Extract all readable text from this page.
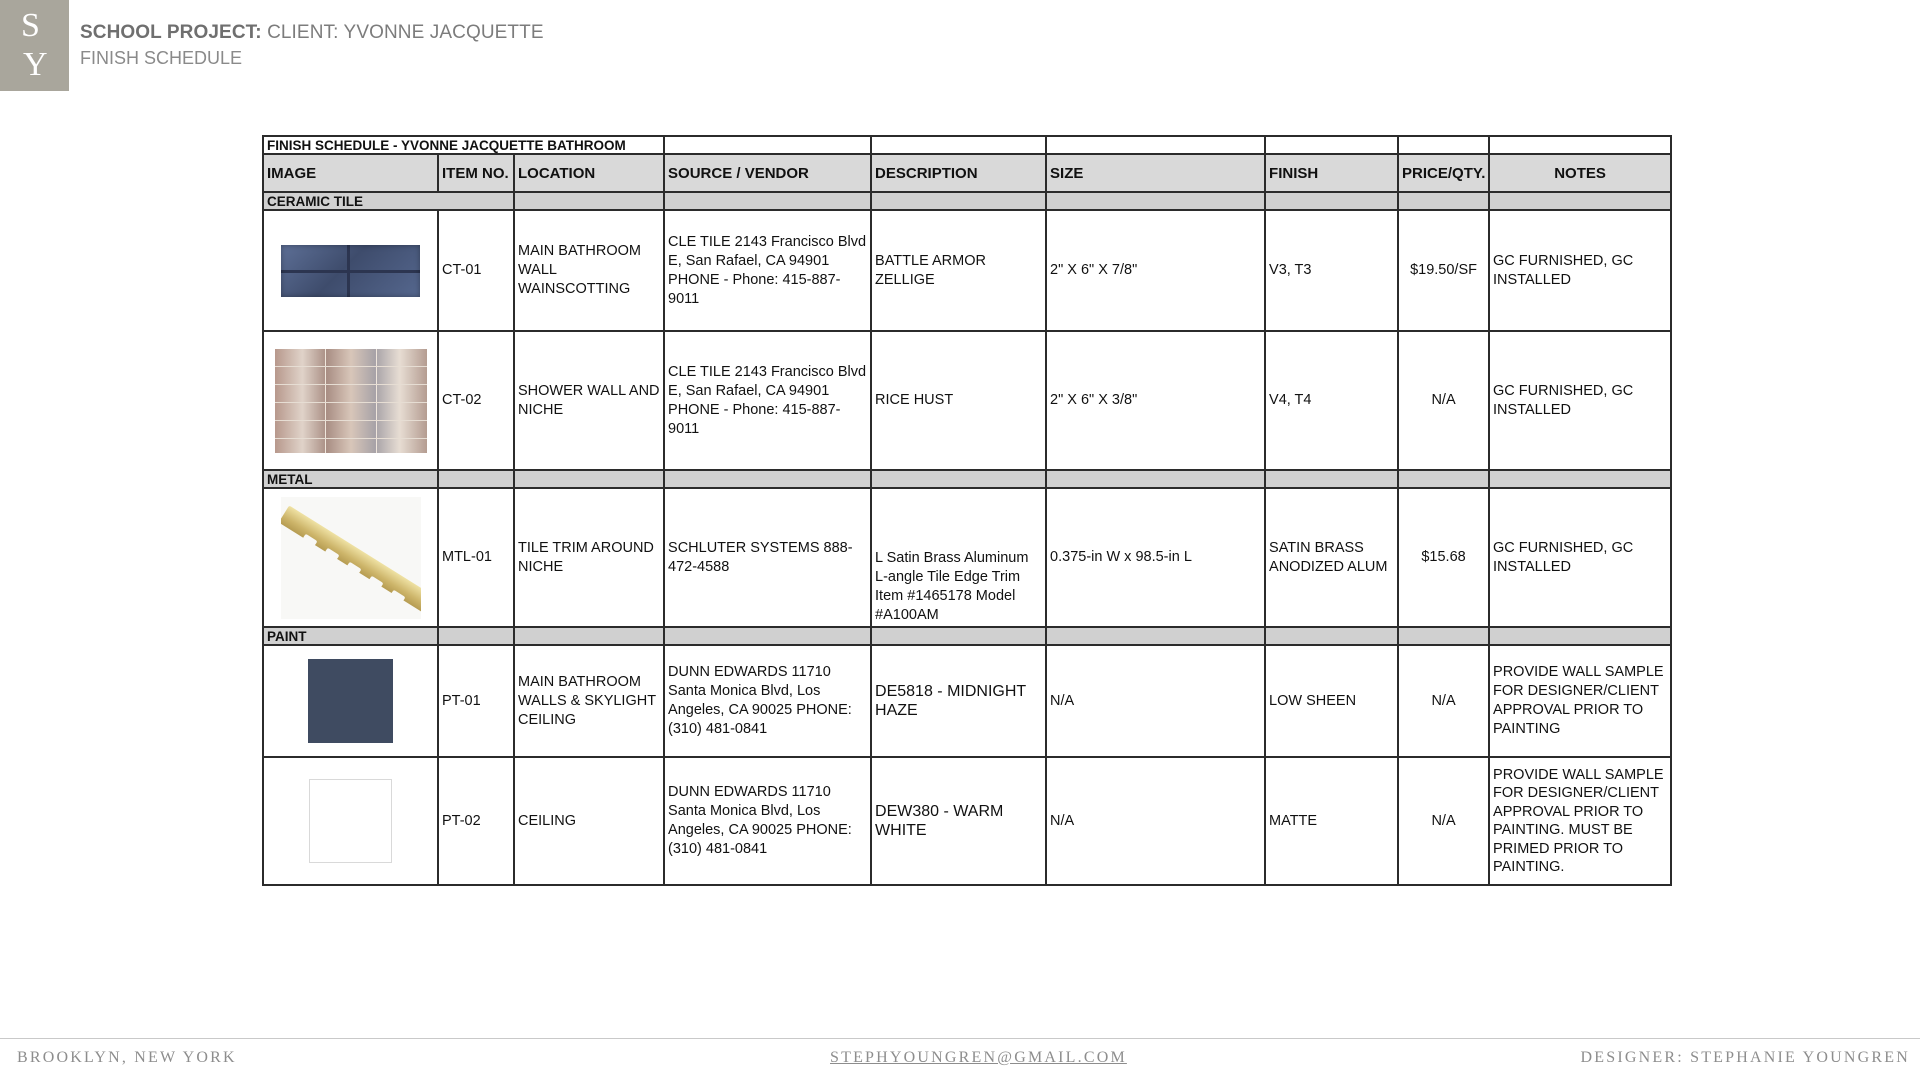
S
Y
SCHOOL PROJECT: CLIENT: YVONNE JACQUETTE
FINISH SCHEDULE
FINISH SCHEDULE - YVONNE JACQUETTE BATHROOM								
IMAGE	ITEM NO.	LOCATION	SOURCE / VENDOR	DESCRIPTION	SIZE	FINISH	PRICE/QTY.	NOTES
CERAMIC TILE								
	CT-01	MAIN BATHROOM WALL WAINSCOTTING	CLE TILE 2143 Francisco Blvd E, San Rafael, CA 94901 PHONE - Phone: 415-887-9011	BATTLE ARMOR ZELLIGE	2" X 6" X 7/8"	V3, T3	$19.50/SF	GC FURNISHED, GC INSTALLED
	CT-02	SHOWER WALL AND NICHE	CLE TILE 2143 Francisco Blvd E, San Rafael, CA 94901 PHONE - Phone: 415-887-9011	RICE HUST	2" X 6" X 3/8"	V4, T4	N/A	GC FURNISHED, GC INSTALLED
METAL								

	MTL-01	TILE TRIM AROUND NICHE	SCHLUTER SYSTEMS 888-472-4588	L Satin Brass Aluminum L-angle Tile Edge Trim Item #1465178 Model #A100AM	0.375-in W x 98.5-in L	SATIN BRASS ANODIZED ALUM	$15.68	GC FURNISHED, GC INSTALLED
PAINT								
	PT-01	MAIN BATHROOM WALLS & SKYLIGHT CEILING	DUNN EDWARDS 11710 Santa Monica Blvd, Los Angeles, CA 90025 PHONE: (310) 481-0841	DE5818 - MIDNIGHT HAZE	N/A	LOW SHEEN	N/A	PROVIDE WALL SAMPLE FOR DESIGNER/CLIENT APPROVAL PRIOR TO PAINTING
	PT-02	CEILING	DUNN EDWARDS 11710 Santa Monica Blvd, Los Angeles, CA 90025 PHONE: (310) 481-0841	DEW380 - WARM WHITE	N/A	MATTE	N/A	PROVIDE WALL SAMPLE FOR DESIGNER/CLIENT APPROVAL PRIOR TO PAINTING. MUST BE PRIMED PRIOR TO PAINTING.
BROOKLYN, NEW YORK	STEPHYOUNGREN@GMAIL.COM	DESIGNER: STEPHANIE YOUNGREN
